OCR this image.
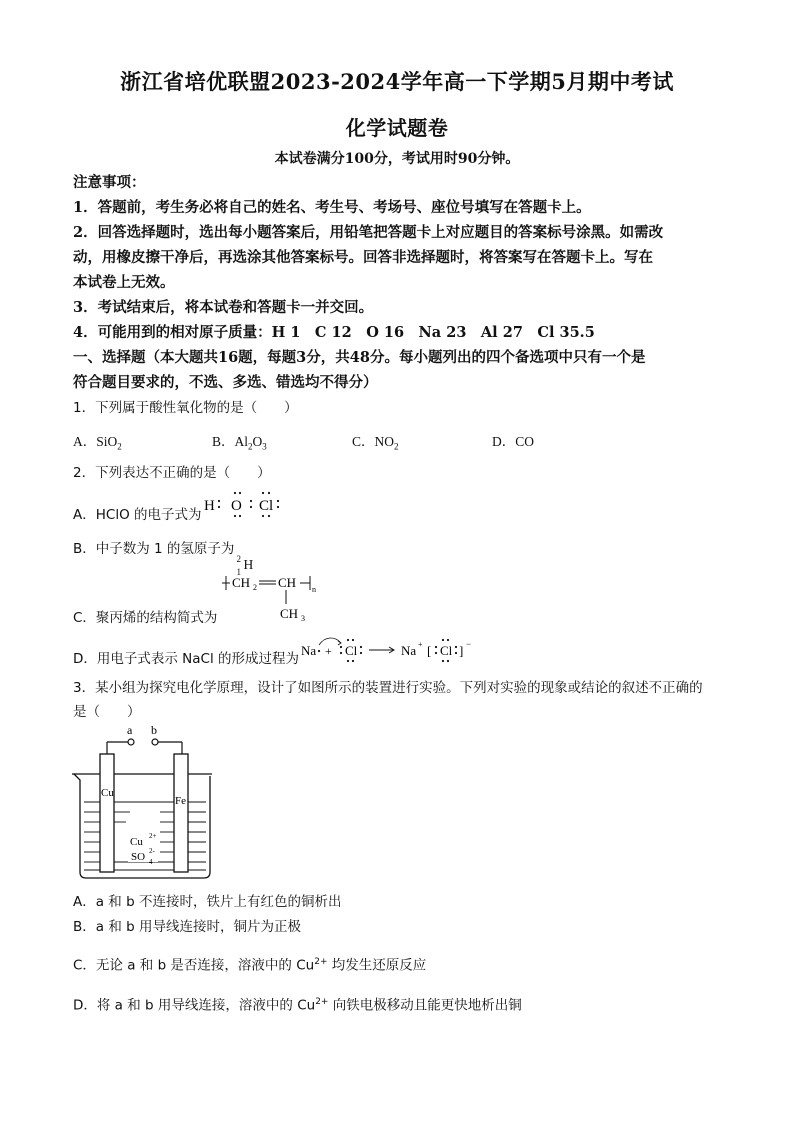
浙江省培优联盟2023-2024学年高一下学期5月期中考试
化学试题卷
本试卷满分100分，考试用时90分钟。
注意事项：
1．答题前，考生务必将自己的姓名、考生号、考场号、座位号填写在答题卡上。
2．回答选择题时，选出每小题答案后，用铅笔把答题卡上对应题目的答案标号涂黑。如需改
动，用橡皮擦干净后，再选涂其他答案标号。回答非选择题时，将答案写在答题卡上。写在
本试卷上无效。
3．考试结束后，将本试卷和答题卡一并交回。
4．可能用到的相对原子质量：H 1　C 12　O 16　Na 23　Al 27　Cl 35.5
一、选择题（本大题共16题，每题3分，共48分。每小题列出的四个备选项中只有一个是
符合题目要求的，不选、多选、错选均不得分）
1．下列属于酸性氧化物的是（　　）
A．SiO$_2$	B．$Al_2O_3$	C．$NO_2$	D．CO
2．下列表达不正确的是（　　）
A．HClO 的电子式为
H O Cl
B．中子数为 1 的氢原子为
2
1 H
CH 2 CH n
CH 3
C．聚丙烯的结构简式为
D．用电子式表示 NaCl 的形成过程为
Na + Cl	Na + [ Cl ] −
3．某小组为探究电化学原理，设计了如图所示的装置进行实验。下列对实验的现象或结论的叙述不正确的
是（　　）
a b
Cu
Fe
Cu 2+
SO 4
2-
A．a 和 b 不连接时，铁片上有红色的铜析出
B．a 和 b 用导线连接时，铜片为正极
C．无论 a 和 b 是否连接，溶液中的 $Cu^{2+}$ 均发生还原反应
D．将 a 和 b 用导线连接，溶液中的 $Cu^{2+}$ 向铁电极移动且能更快地析出铜
